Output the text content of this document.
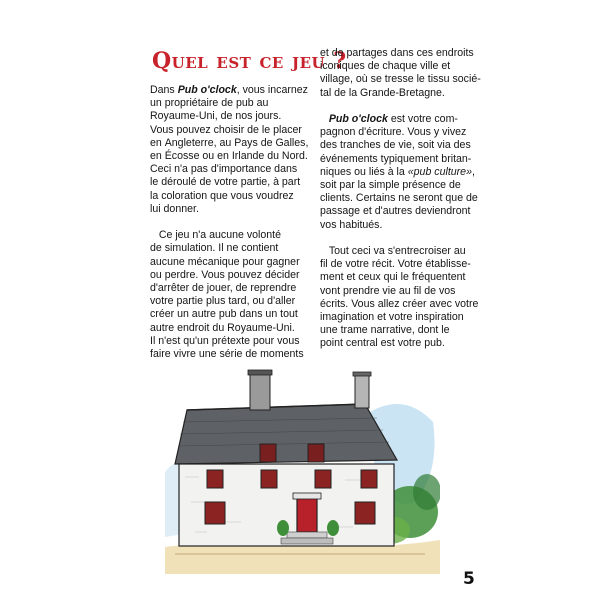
Quel est ce jeu ?

Dans Pub o'clock, vous incarnez
un propriétaire de pub au
Royaume-Uni, de nos jours.
Vous pouvez choisir de le placer
en Angleterre, au Pays de Galles,
en Écosse ou en Irlande du Nord.
Ceci n'a pas d'importance dans
le déroulé de votre partie, à part
la coloration que vous voudrez
lui donner.

Ce jeu n'a aucune volonté
de simulation. Il ne contient
aucune mécanique pour gagner
ou perdre. Vous pouvez décider
d'arrêter de jouer, de reprendre
votre partie plus tard, ou d'aller
créer un autre pub dans un tout
autre endroit du Royaume-Uni.
Il n'est qu'un prétexte pour vous
faire vivre une série de moments

et de partages dans ces endroits
iconiques de chaque ville et
village, où se tresse le tissu socié-
tal de la Grande-Bretagne.

Pub o'clock est votre com-
pagnon d'écriture. Vous y vivez
des tranches de vie, soit via des
événements typiquement britan-
niques ou liés à la «pub culture»,
soit par la simple présence de
clients. Certains ne seront que de
passage et d'autres deviendront
vos habitués.

Tout ceci va s'entrecroiser au
fil de votre récit. Votre établisse-
ment et ceux qui le fréquentent
vont prendre vie au fil de vos
écrits. Vous allez créer avec votre
imagination et votre inspiration
une trame narrative, dont le
point central est votre pub.

5
